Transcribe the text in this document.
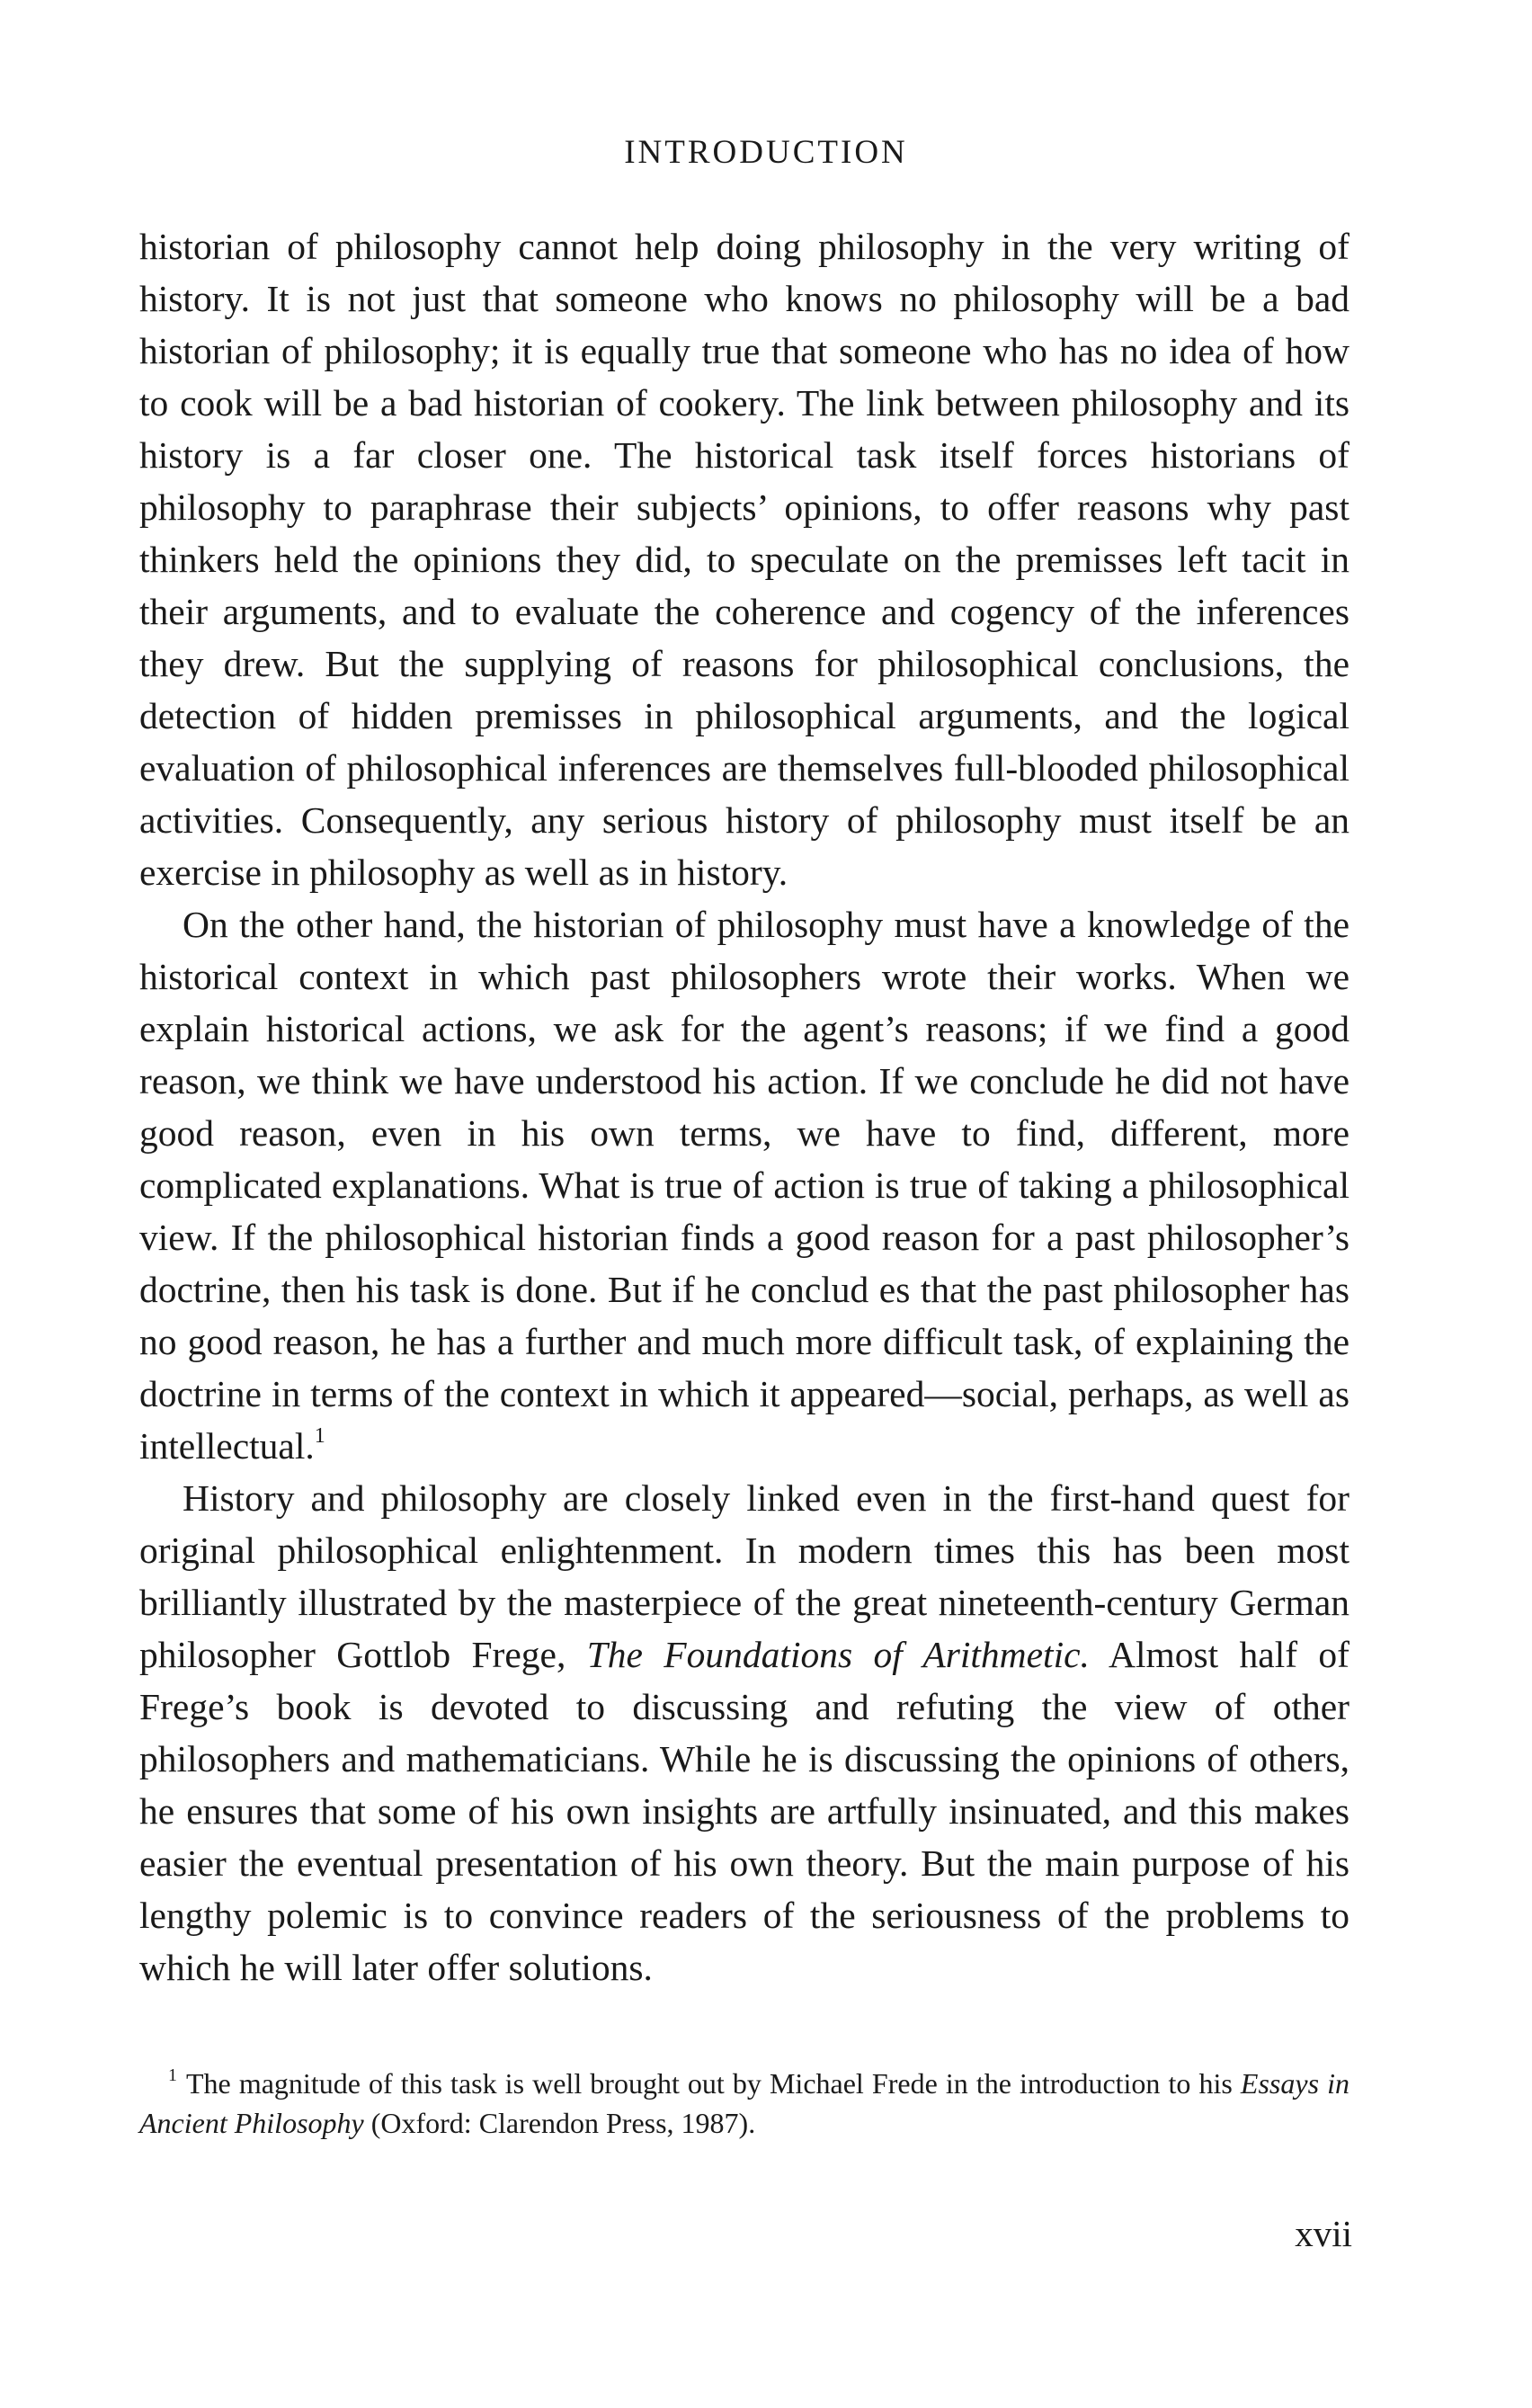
INTRODUCTION

historian of philosophy cannot help doing philosophy in the very writing of history. It is not just that someone who knows no philosophy will be a bad historian of philosophy; it is equally true that someone who has no idea of how to cook will be a bad historian of cookery. The link between philosophy and its history is a far closer one. The historical task itself forces historians of philosophy to paraphrase their subjects’ opinions, to offer reasons why past thinkers held the opinions they did, to speculate on the premisses left tacit in their arguments, and to evaluate the coherence and cogency of the inferences they drew. But the supplying of reasons for philosophical conclusions, the detection of hidden premisses in philosophical arguments, and the logical evaluation of philosophical inferences are themselves full-blooded philosophical activities. Consequently, any serious history of philosophy must itself be an exercise in philosophy as well as in history.

On the other hand, the historian of philosophy must have a knowledge of the historical context in which past philosophers wrote their works. When we explain historical actions, we ask for the agent’s reasons; if we find a good reason, we think we have understood his action. If we conclude he did not have good reason, even in his own terms, we have to find, different, more complicated explanations. What is true of action is true of taking a philosophical view. If the philosophical historian finds a good reason for a past philosopher’s doctrine, then his task is done. But if he conclud es that the past philosopher has no good reason, he has a further and much more difficult task, of explaining the doctrine in terms of the context in which it appeared—social, perhaps, as well as intellectual.$^1$

History and philosophy are closely linked even in the first-hand quest for original philosophical enlightenment. In modern times this has been most brilliantly illustrated by the masterpiece of the great nineteenth-century German philosopher Gottlob Frege, The Foundations of Arithmetic. Almost half of Frege’s book is devoted to discussing and refuting the view of other philosophers and mathematicians. While he is discussing the opinions of others, he ensures that some of his own insights are artfully insinuated, and this makes easier the eventual presentation of his own theory. But the main purpose of his lengthy polemic is to convince readers of the seriousness of the problems to which he will later offer solutions.

$^1$ The magnitude of this task is well brought out by Michael Frede in the introduction to his Essays in Ancient Philosophy (Oxford: Clarendon Press, 1987).

xvii
